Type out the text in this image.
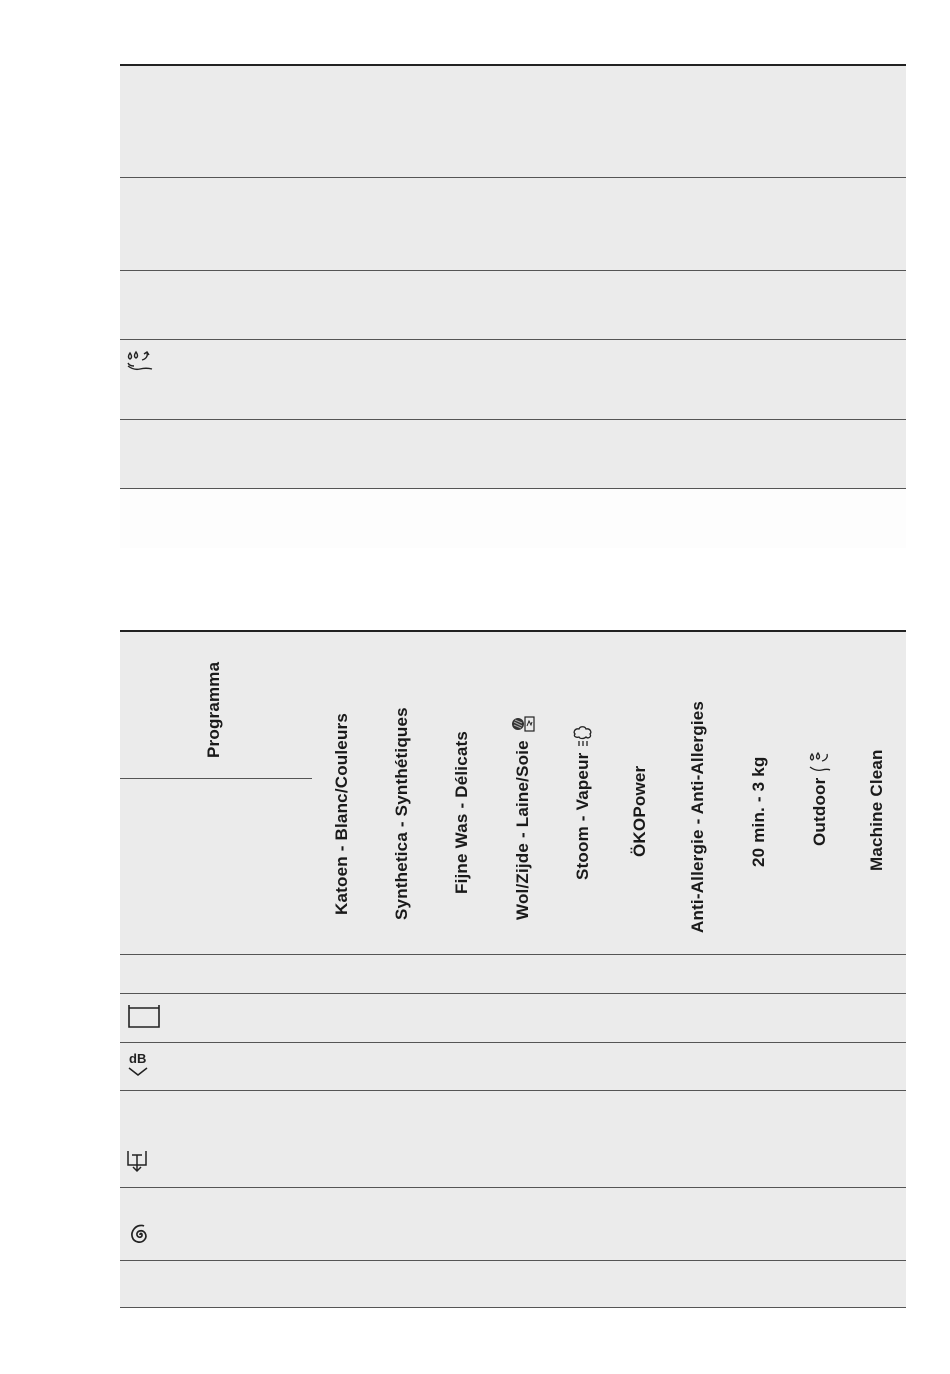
Programma
Katoen - Blanc/Couleurs Synthetica - Synthétiques Fijne Was - Délicats Wol/Zijde - Laine/Soie Stoom - Vapeur ÖKOPower Anti-Allergie - Anti-Allergies 20 min. - 3 kg Outdoor Machine Clean
dB
